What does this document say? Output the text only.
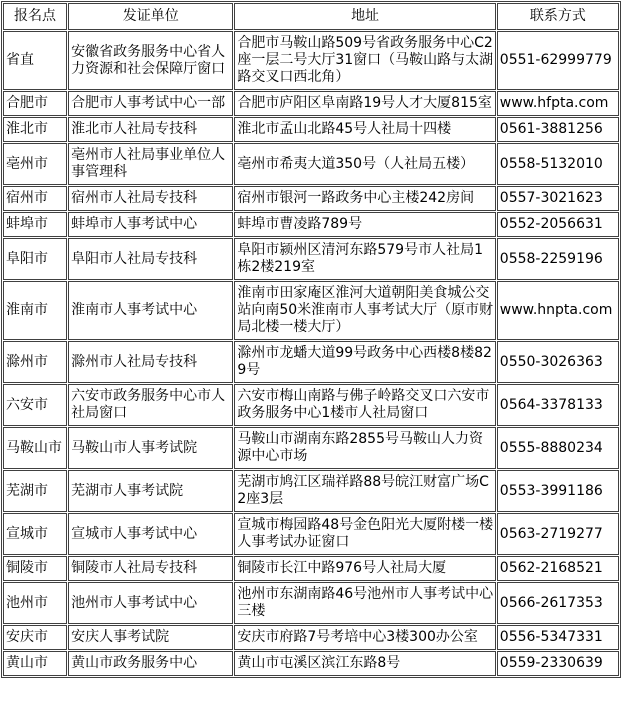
报名点	发证单位	地址	联系方式
省直	安徽省政务服务中心省人力资源和社会保障厅窗口	合肥市马鞍山路509号省政务服务中心C2座一层二号大厅31窗口（马鞍山路与太湖路交叉口西北角）	0551-62999779
合肥市	合肥市人事考试中心一部	合肥市庐阳区阜南路19号人才大厦815室	www.hfpta.com
淮北市	淮北市人社局专技科	淮北市孟山北路45号人社局十四楼	0561-3881256
亳州市	亳州市人社局事业单位人事管理科	亳州市希夷大道350号（人社局五楼）	0558-5132010
宿州市	宿州市人社局专技科	宿州市银河一路政务中心主楼242房间	0557-3021623
蚌埠市	蚌埠市人事考试中心	蚌埠市曹凌路789号	0552-2056631
阜阳市	阜阳市人社局专技科	阜阳市颍州区清河东路579号市人社局1栋2楼219室	0558-2259196
淮南市	淮南市人事考试中心	淮南市田家庵区淮河大道朝阳美食城公交站向南50米淮南市人事考试大厅（原市财局北楼一楼大厅）	www.hnpta.com
滁州市	滁州市人社局专技科	滁州市龙蟠大道99号政务中心西楼8楼829号	0550-3026363
六安市	六安市政务服务中心市人社局窗口	六安市梅山南路与佛子岭路交叉口六安市政务服务中心1楼市人社局窗口	0564-3378133
马鞍山市	马鞍山市人事考试院	马鞍山市湖南东路2855号马鞍山人力资源中心市场	0555-8880234
芜湖市	芜湖市人事考试院	芜湖市鸠江区瑞祥路88号皖江财富广场C2座3层	0553-3991186
宣城市	宣城市人事考试中心	宣城市梅园路48号金色阳光大厦附楼一楼人事考试办证窗口	0563-2719277
铜陵市	铜陵市人社局专技科	铜陵市长江中路976号人社局大厦	0562-2168521
池州市	池州市人事考试中心	池州市东湖南路46号池州市人事考试中心三楼	0566-2617353
安庆市	安庆人事考试院	安庆市府路7号考培中心3楼300办公室	0556-5347331
黄山市	黄山市政务服务中心	黄山市屯溪区滨江东路8号	0559-2330639
